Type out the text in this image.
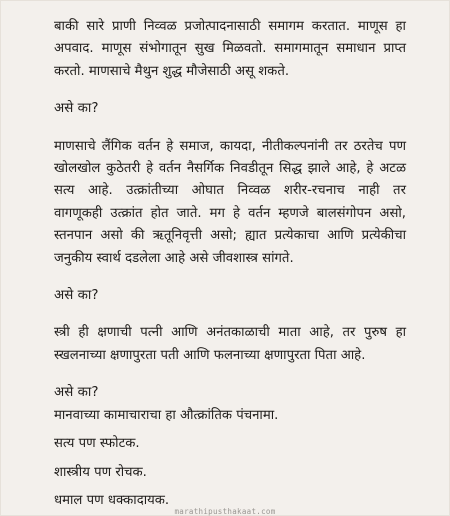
बाकी सारे प्राणी निव्वळ प्रजोत्पादनासाठी समागम करतात. माणूस हा
अपवाद. माणूस संभोगातून सुख मिळवतो. समागमातून समाधान प्राप्त
करतो. माणसाचे मैथुन शुद्ध मौजेसाठी असू शकते.
असे का?
माणसाचे लैंगिक वर्तन हे समाज, कायदा, नीतीकल्पनांनी तर ठरतेच पण
खोलखोल कुठेतरी हे वर्तन नैसर्गिक निवडीतून सिद्ध झाले आहे, हे अटळ
सत्य आहे. उत्क्रांतीच्या ओघात निव्वळ शरीर-रचनाच नाही तर
वागणूकही उत्क्रांत होत जाते. मग हे वर्तन म्हणजे बालसंगोपन असो,
स्तनपान असो की ऋतूनिवृत्ती असो; ह्यात प्रत्येकाचा आणि प्रत्येकीचा
जनुकीय स्वार्थ दडलेला आहे असे जीवशास्त्र सांगते.
असे का?
स्त्री ही क्षणाची पत्नी आणि अनंतकाळाची माता आहे, तर पुरुष हा
स्खलनाच्या क्षणापुरता पती आणि फलनाच्या क्षणापुरता पिता आहे.
असे का?
मानवाच्या कामाचाराचा हा औत्क्रांतिक पंचनामा.
सत्य पण स्फोटक.
शास्त्रीय पण रोचक.
धमाल पण धक्कादायक.
marathipusthakaat.com
